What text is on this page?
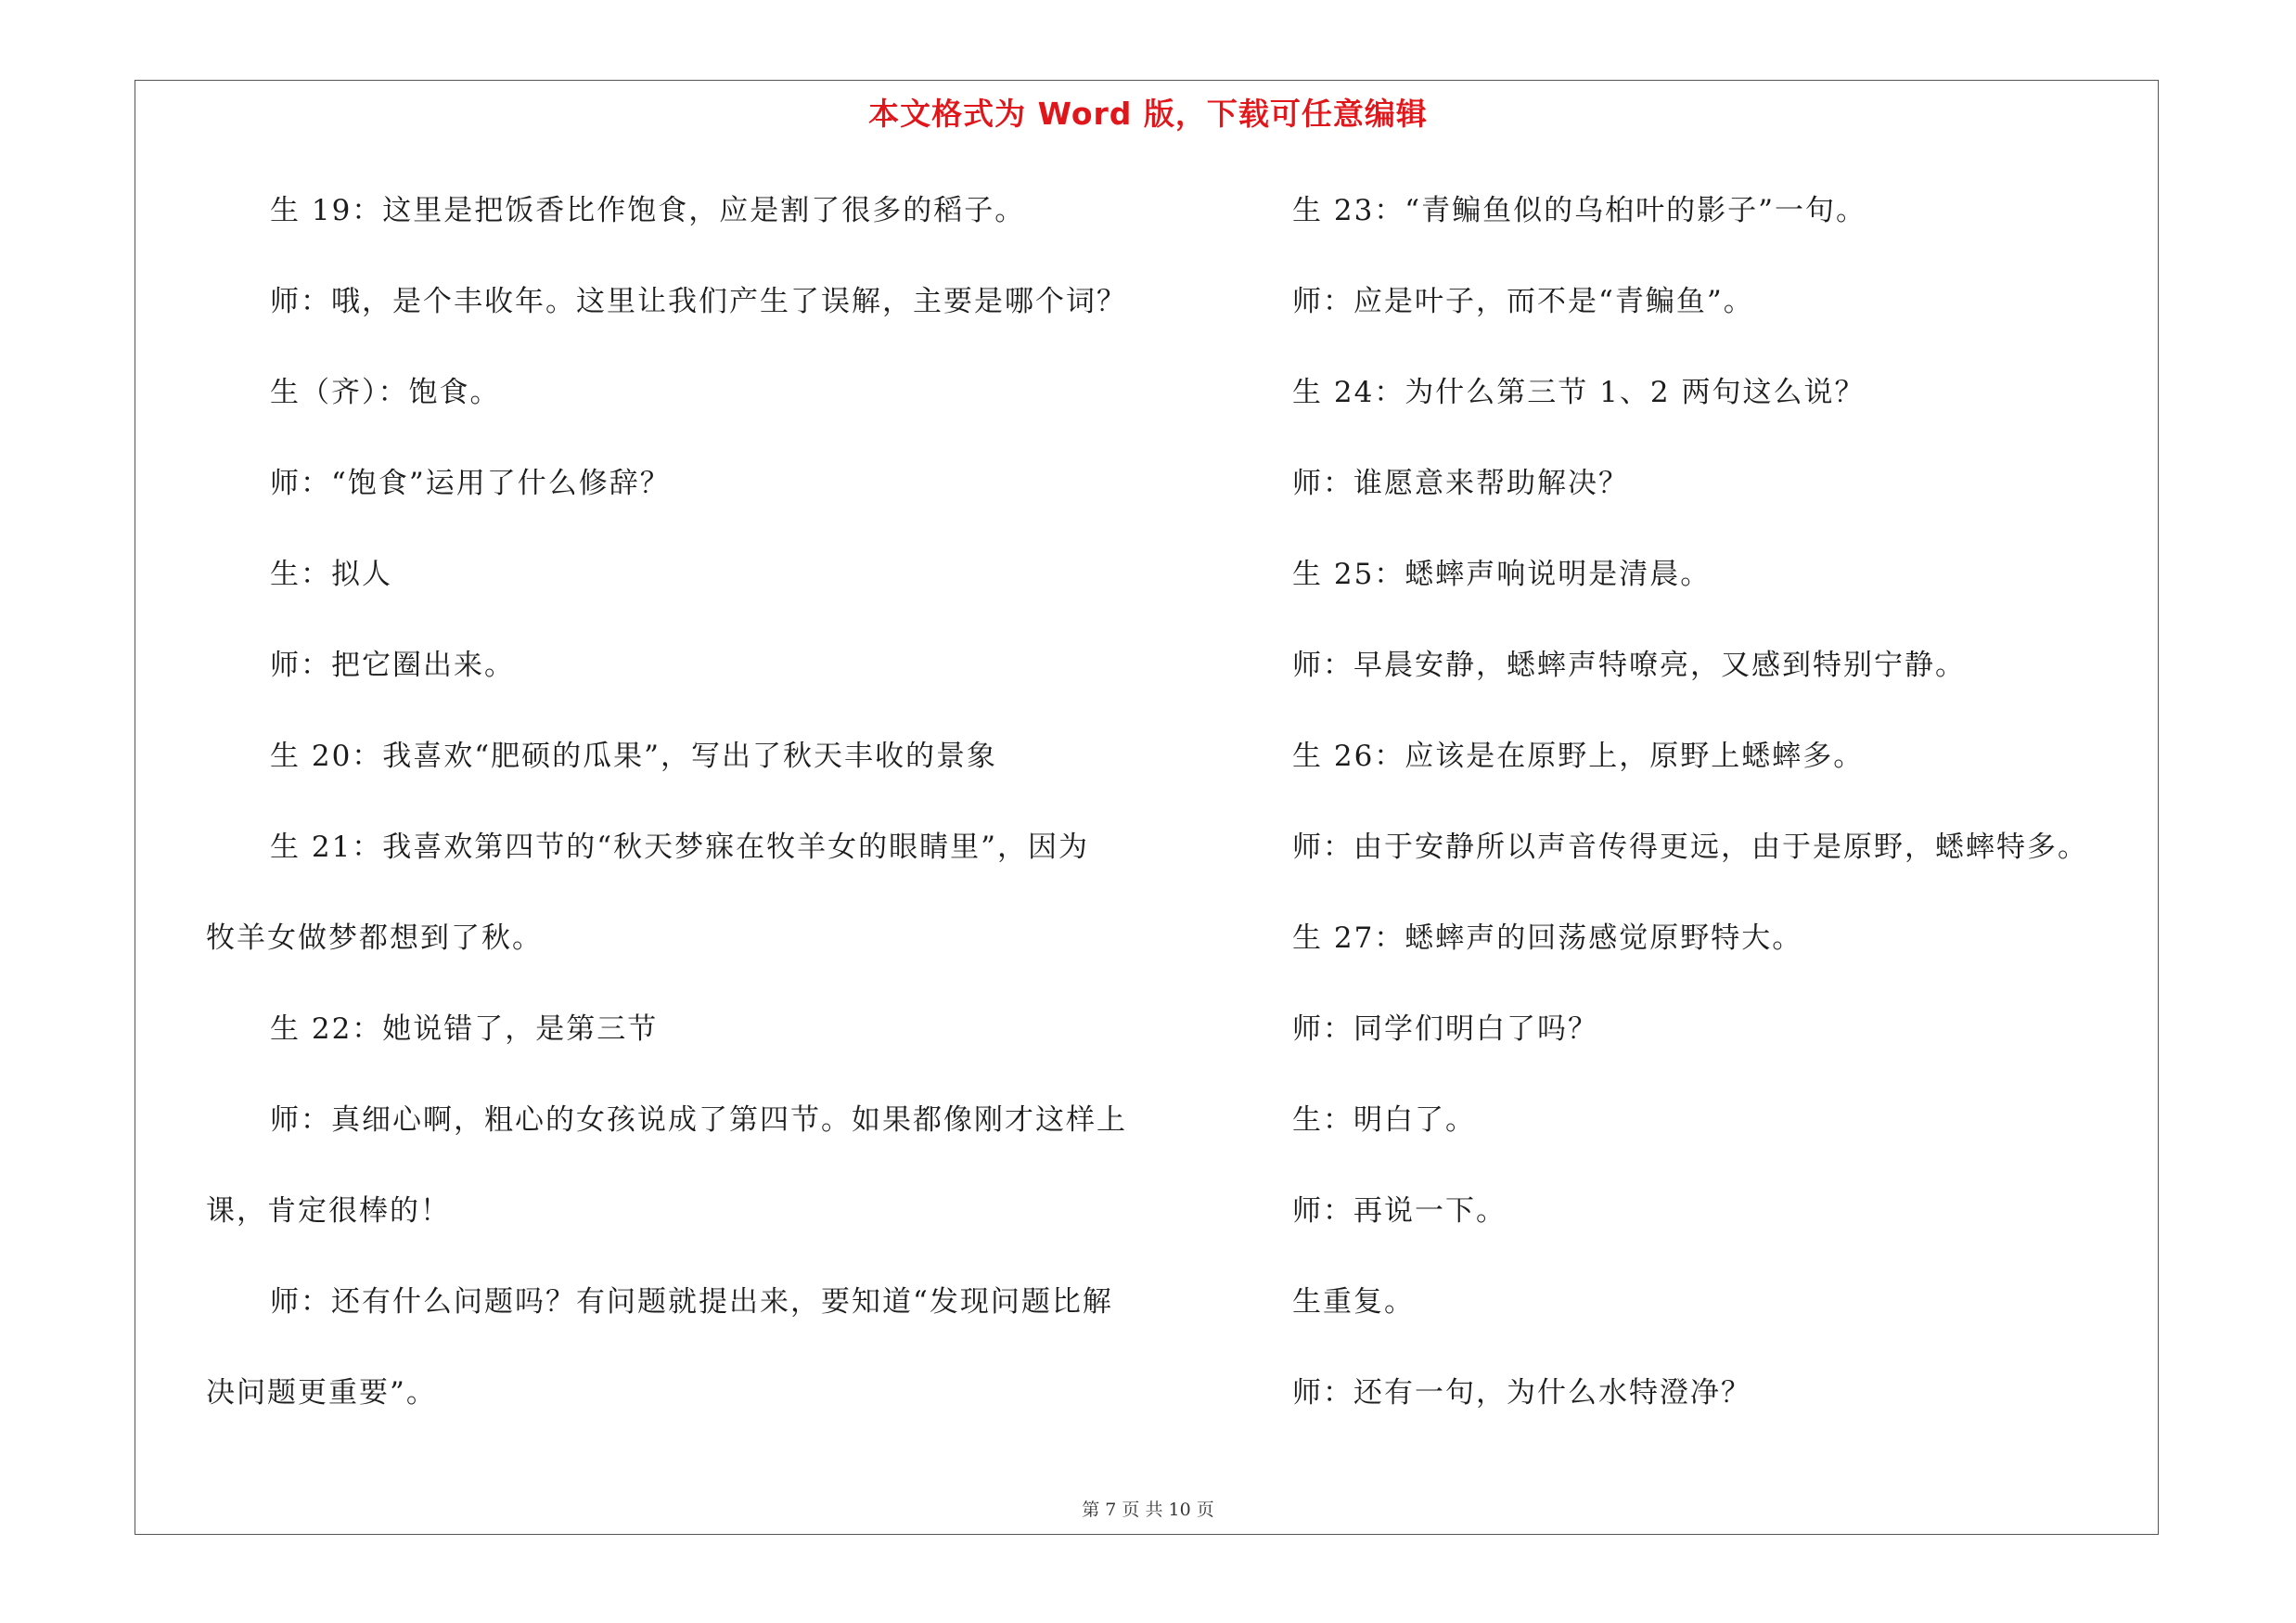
本文格式为 Word 版，下载可任意编辑
生 19：这里是把饭香比作饱食，应是割了很多的稻子。
师：哦，是个丰收年。这里让我们产生了误解，主要是哪个词？
生（齐）：饱食。
师：“饱食”运用了什么修辞？
生：拟人
师：把它圈出来。
生 20：我喜欢“肥硕的瓜果”，写出了秋天丰收的景象
生 21：我喜欢第四节的“秋天梦寐在牧羊女的眼睛里”，因为
牧羊女做梦都想到了秋。
生 22：她说错了，是第三节
师：真细心啊，粗心的女孩说成了第四节。如果都像刚才这样上
课，肯定很棒的！
师：还有什么问题吗？有问题就提出来，要知道“发现问题比解
决问题更重要”。
生 23：“青鳊鱼似的乌桕叶的影子”一句。
师：应是叶子，而不是“青鳊鱼”。
生 24：为什么第三节 1、2 两句这么说？
师：谁愿意来帮助解决？
生 25：蟋蟀声响说明是清晨。
师：早晨安静，蟋蟀声特嘹亮，又感到特别宁静。
生 26：应该是在原野上，原野上蟋蟀多。
师：由于安静所以声音传得更远，由于是原野，蟋蟀特多。
生 27：蟋蟀声的回荡感觉原野特大。
师：同学们明白了吗？
生：明白了。
师：再说一下。
生重复。
师：还有一句，为什么水特澄净？
第 7 页 共 10 页
